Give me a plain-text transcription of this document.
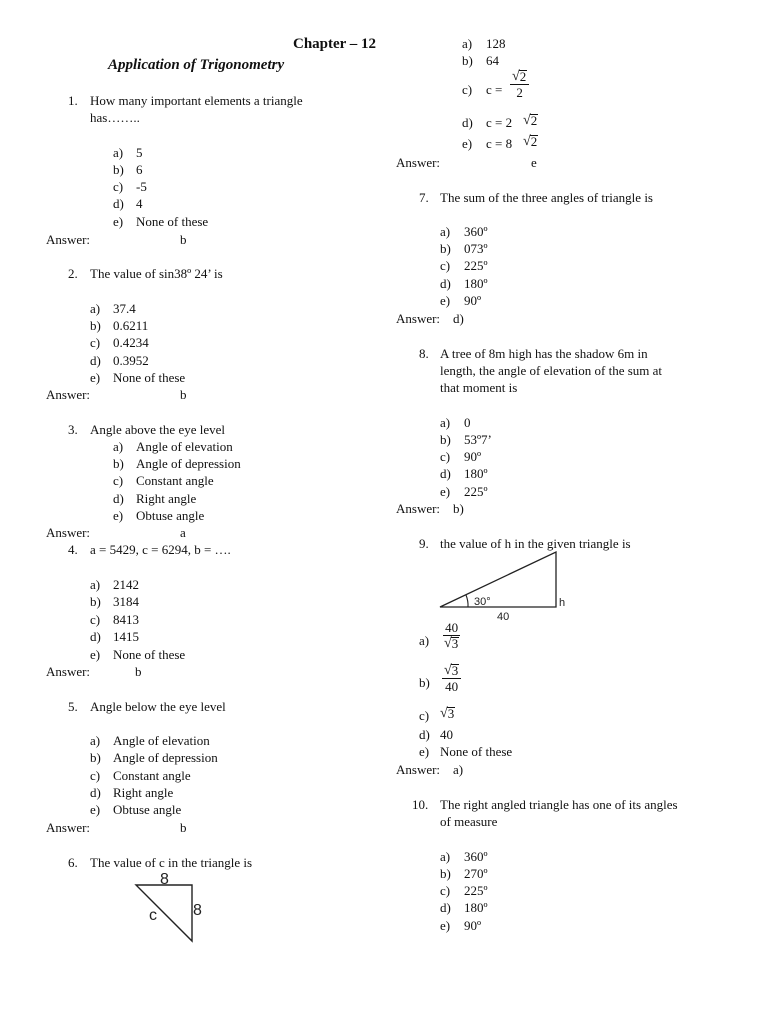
Chapter – 12
Application of Trigonometry
1. How many important elements a triangle
has……..
a) 5
b) 6
c) -5
d) 4
e) None of these
Answer:	b
2. The value of sin38º 24’ is
a) 37.4
b) 0.6211
c) 0.4234
d) 0.3952
e) None of these
Answer:	b
3. Angle above the eye level
a) Angle of elevation
b) Angle of depression
c) Constant angle
d) Right angle
e) Obtuse angle
Answer:	a
4. a = 5429, c = 6294, b = ….
a) 2142
b) 3184
c) 8413
d) 1415
e) None of these
Answer:	b
5. Angle below the eye level
a) Angle of elevation
b) Angle of depression
c) Constant angle
d) Right angle
e) Obtuse angle
Answer:	b
6. The value of c in the triangle is
8
8
c
a) 128
b) 64
c) $c = \frac{√ 2}{2}$
d) c = 2 √ 2
e) c = 8 √ 2
Answer:	e
7. The sum of the three angles of triangle is
a) 360º
b) 073º
c) 225º
d) 180º
e) 90º
Answer: d)
8. A tree of 8m high has the shadow 6m in
length, the angle of elevation of the sum at
that moment is
a) 0
b) 53º7’
c) 90º
d) 180º
e) 225º
Answer: b)
9. the value of h in the given triangle is
30°
40
h
$a) \frac{40}{√ 3}$
$b) \frac{√ 3}{40}$
c) √ 3
d) 40
e) None of these
Answer: a)
10. The right angled triangle has one of its angles
of measure
a) 360º
b) 270º
c) 225º
d) 180º
e) 90º
